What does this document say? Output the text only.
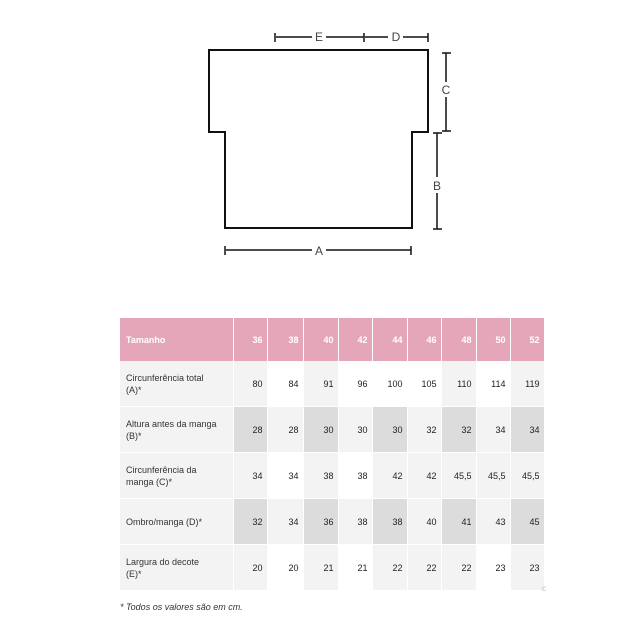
E	D
C
B
A
Tamanho	36	38	40	42	44	46	48	50	52

Circunferência total
(A)*	80	84	91	96	100	105	110	114	119

Altura antes da manga
(B)*	28	28	30	30	30	32	32	34	34

Circunferência da
manga (C)*	34	34	38	38	42	42	45,5	45,5	45,5

Ombro/manga (D)*	32	34	36	38	38	40	41	43	45

Largura do decote
(E)*	20	20	21	21	22	22	22	23	23
* Todos os valores são em cm.
c
